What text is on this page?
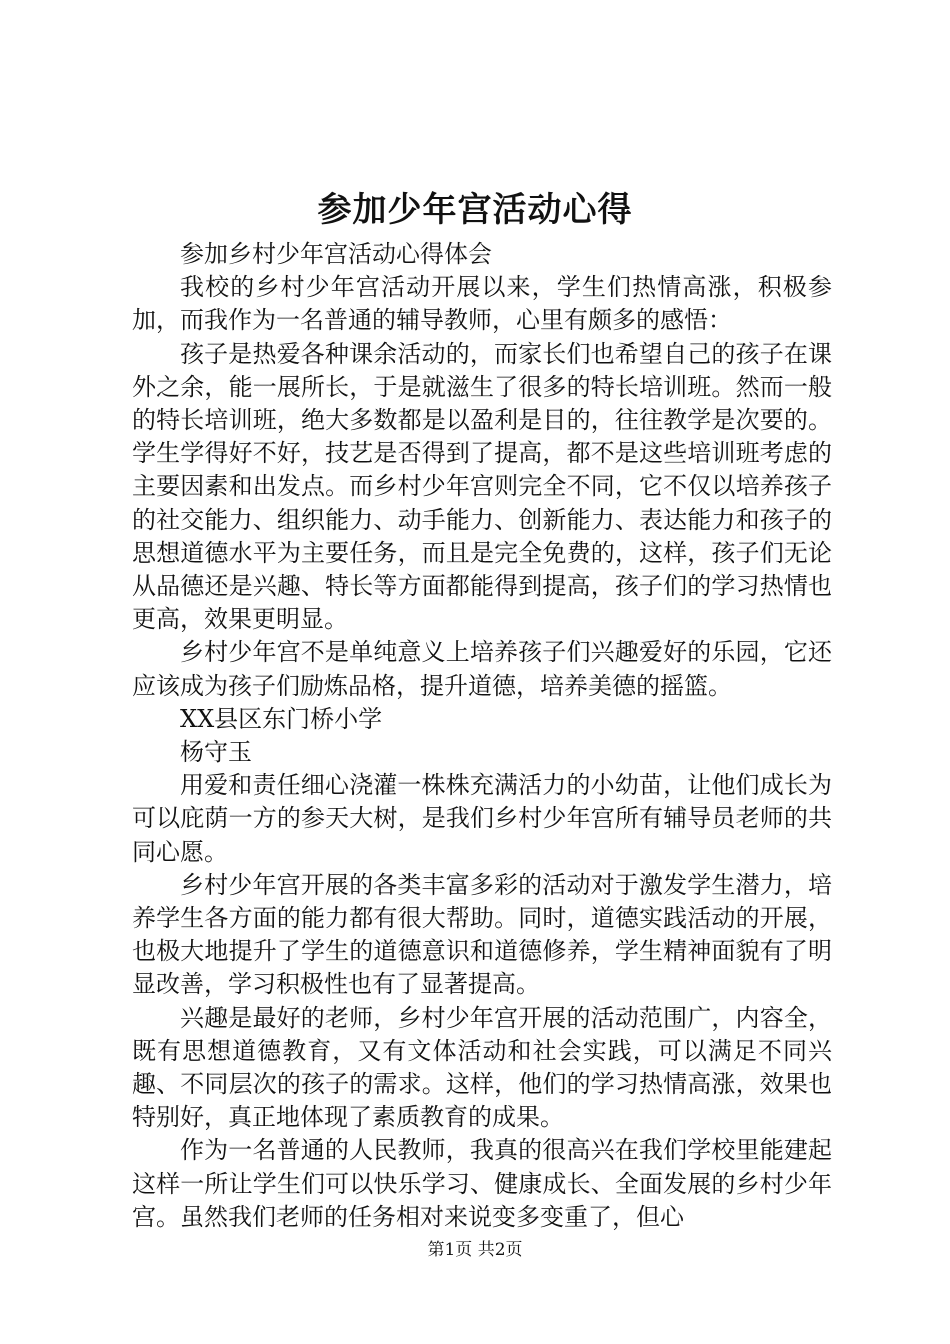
参加少年宫活动心得

参加乡村少年宫活动心得体会

我校的乡村少年宫活动开展以来，学生们热情高涨，积极参加，而我作为一名普通的辅导教师，心里有颇多的感悟：

孩子是热爱各种课余活动的，而家长们也希望自己的孩子在课外之余，能一展所长，于是就滋生了很多的特长培训班。然而一般的特长培训班，绝大多数都是以盈利是目的，往往教学是次要的。学生学得好不好，技艺是否得到了提高，都不是这些培训班考虑的主要因素和出发点。而乡村少年宫则完全不同，它不仅以培养孩子的社交能力、组织能力、动手能力、创新能力、表达能力和孩子的思想道德水平为主要任务，而且是完全免费的，这样，孩子们无论从品德还是兴趣、特长等方面都能得到提高，孩子们的学习热情也更高，效果更明显。

乡村少年宫不是单纯意义上培养孩子们兴趣爱好的乐园，它还应该成为孩子们励炼品格，提升道德，培养美德的摇篮。

XX县区东门桥小学

杨守玉

用爱和责任细心浇灌一株株充满活力的小幼苗，让他们成长为可以庇荫一方的参天大树，是我们乡村少年宫所有辅导员老师的共同心愿。

乡村少年宫开展的各类丰富多彩的活动对于激发学生潜力，培养学生各方面的能力都有很大帮助。同时，道德实践活动的开展，也极大地提升了学生的道德意识和道德修养，学生精神面貌有了明显改善，学习积极性也有了显著提高。

兴趣是最好的老师，乡村少年宫开展的活动范围广，内容全，既有思想道德教育，又有文体活动和社会实践，可以满足不同兴趣、不同层次的孩子的需求。这样，他们的学习热情高涨，效果也特别好，真正地体现了素质教育的成果。

作为一名普通的人民教师，我真的很高兴在我们学校里能建起这样一所让学生们可以快乐学习、健康成长、全面发展的乡村少年宫。虽然我们老师的任务相对来说变多变重了，但心

第1页 共2页
